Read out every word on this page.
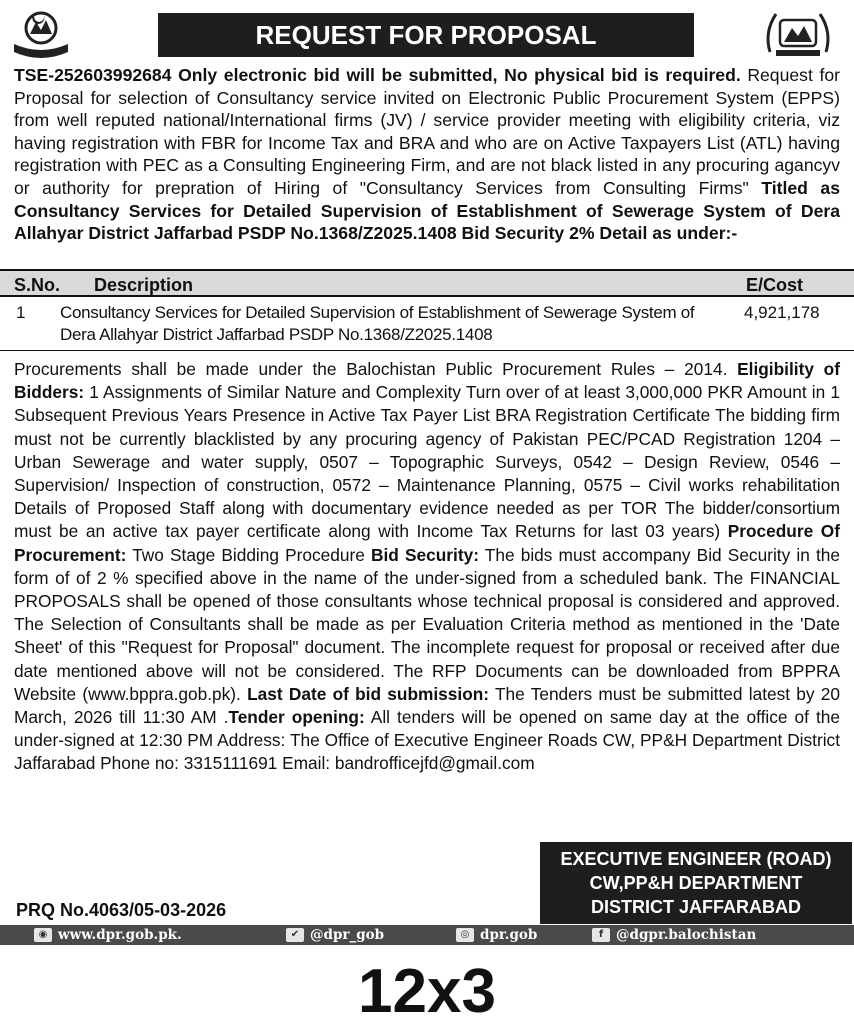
REQUEST FOR PROPOSAL
TSE-252603992684 Only electronic bid will be submitted, No physical bid is required. Request for Proposal for selection of Consultancy service invited on Electronic Public Procurement System (EPPS) from well reputed national/International firms (JV) / service provider meeting with eligibility criteria, viz having registration with FBR for Income Tax and BRA and who are on Active Taxpayers List (ATL) having registration with PEC as a Consulting Engineering Firm, and are not black listed in any procuring agancyv or authority for prepration of Hiring of "Consultancy Services from Consulting Firms" Titled as Consultancy Services for Detailed Supervision of Establishment of Sewerage System of Dera Allahyar District Jaffarbad PSDP No.1368/Z2025.1408 Bid Security 2% Detail as under:-
S.No. Description	E/Cost
1 Consultancy Services for Detailed Supervision of Establishment of Sewerage System of Dera Allahyar District Jaffarbad PSDP No.1368/Z2025.1408
4,921,178
Procurements shall be made under the Balochistan Public Procurement Rules – 2014. Eligibility of Bidders: 1 Assignments of Similar Nature and Complexity Turn over of at least 3,000,000 PKR Amount in 1 Subsequent Previous Years Presence in Active Tax Payer List BRA Registration Certificate The bidding firm must not be currently blacklisted by any procuring agency of Pakistan PEC/PCAD Registration 1204 – Urban Sewerage and water supply, 0507 – Topographic Surveys, 0542 – Design Review, 0546 – Supervision/ Inspection of construction, 0572 – Maintenance Planning, 0575 – Civil works rehabilitation Details of Proposed Staff along with documentary evidence needed as per TOR The bidder/consortium must be an active tax payer certificate along with Income Tax Returns for last 03 years) Procedure Of Procurement: Two Stage Bidding Procedure Bid Security: The bids must accompany Bid Security in the form of of 2 % specified above in the name of the under-signed from a scheduled bank. The FINANCIAL PROPOSALS shall be opened of those consultants whose technical proposal is considered and approved. The Selection of Consultants shall be made as per Evaluation Criteria method as mentioned in the 'Date Sheet' of this "Request for Proposal" document. The incomplete request for proposal or received after due date mentioned above will not be considered. The RFP Documents can be downloaded from BPPRA Website (www.bppra.gob.pk). Last Date of bid submission: The Tenders must be submitted latest by 20 March, 2026 till 11:30 AM .Tender opening: All tenders will be opened on same day at the office of the under-signed at 12:30 PM Address: The Office of Executive Engineer Roads CW, PP&H Department District Jaffarabad Phone no: 3315111691 Email: bandrofficejfd@gmail.com
EXECUTIVE ENGINEER (ROAD)
CW,PP&H DEPARTMENT
DISTRICT JAFFARABAD
PRQ No.4063/05-03-2026
◉ www.dpr.gob.pk.	✔ @dpr_gob	◎ dpr.gob	f @dgpr.balochistan
12x3
